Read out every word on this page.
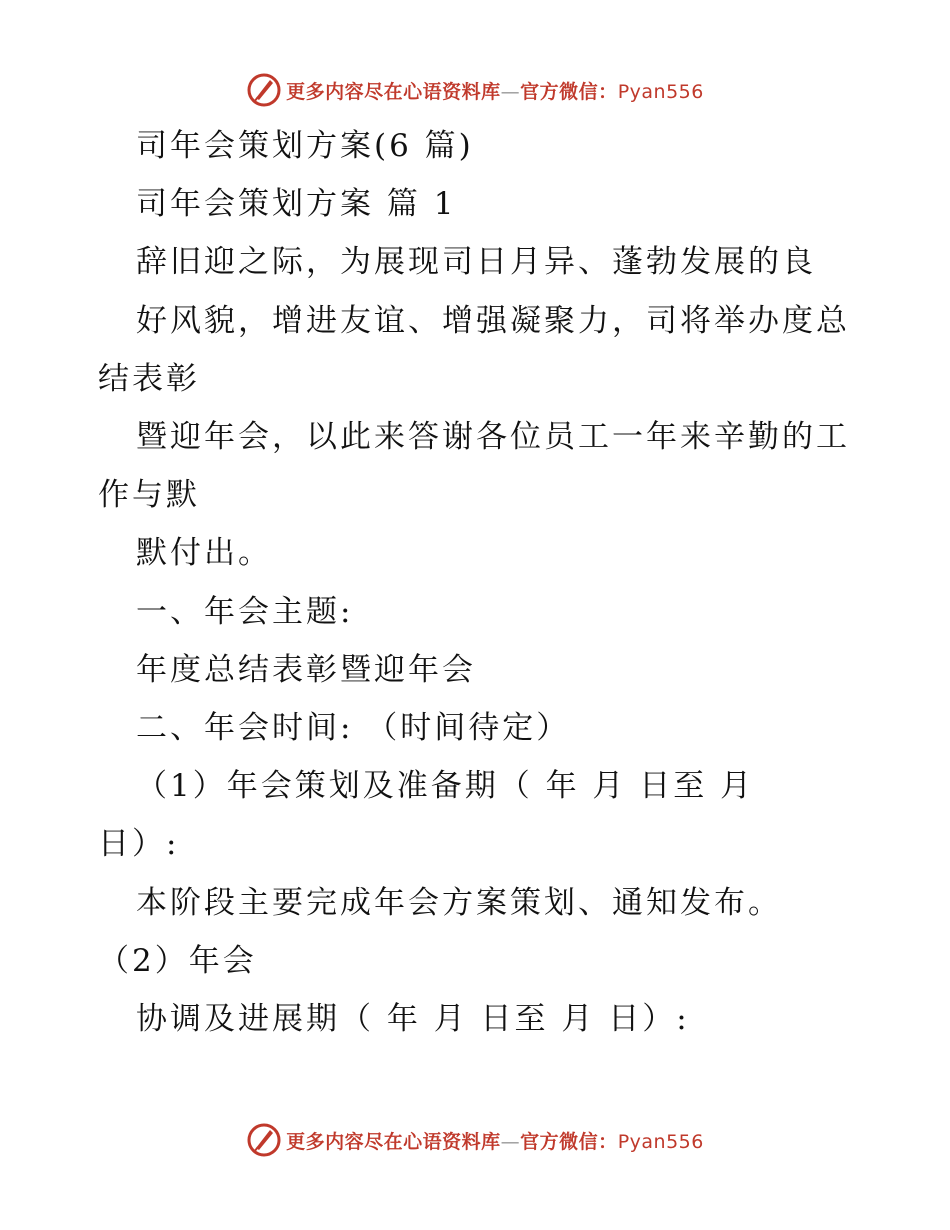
更多内容尽在心语资料库—官方微信：Pyan556
司年会策划方案(6 篇)
司年会策划方案 篇 1
辞旧迎之际，为展现司日月异、蓬勃发展的良
好风貌，增进友谊、增强凝聚力，司将举办度总
结表彰
暨迎年会，以此来答谢各位员工一年来辛勤的工
作与默
默付出。
一、年会主题:
年度总结表彰暨迎年会
二、年会时间: （时间待定）
（1）年会策划及准备期（ 年 月 日至 月
日）:
本阶段主要完成年会方案策划、通知发布。
（2）年会
协调及进展期（ 年 月 日至 月 日）:
更多内容尽在心语资料库—官方微信：Pyan556
